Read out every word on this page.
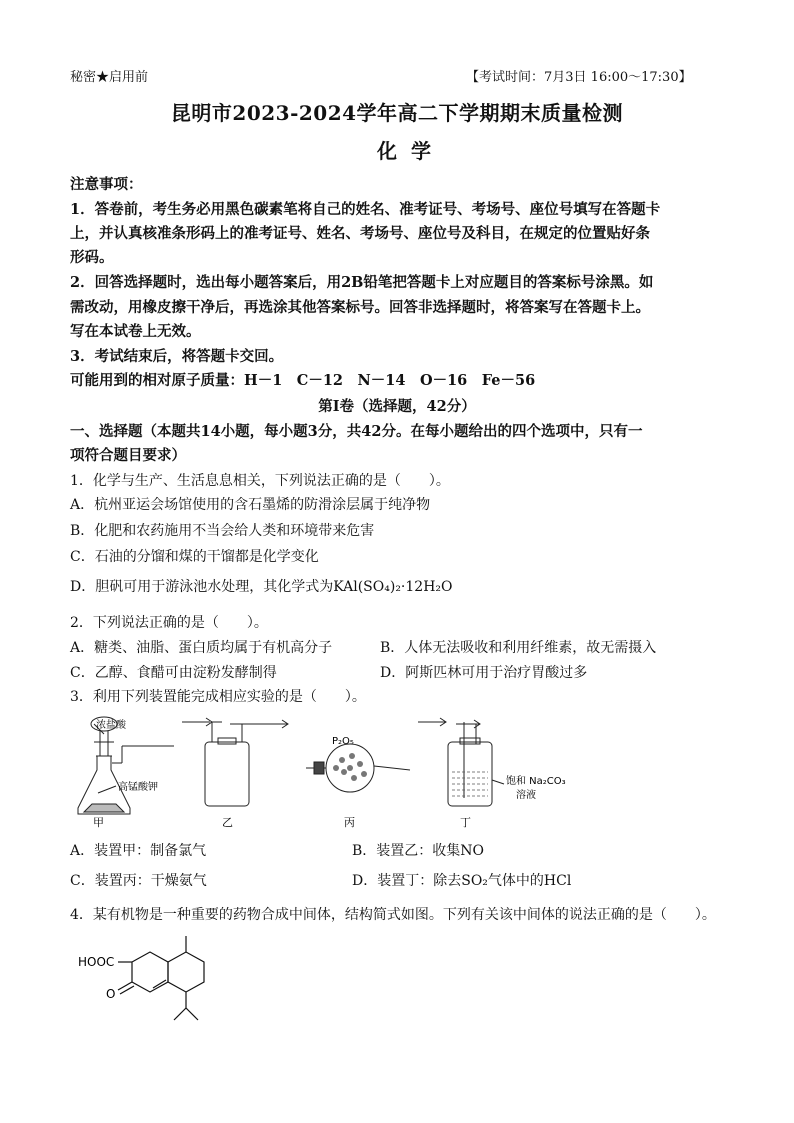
秘密★启用前	【考试时间：7月3日 16:00～17:30】
昆明市2023-2024学年高二下学期期末质量检测
化学
注意事项：
1．答卷前，考生务必用黑色碳素笔将自己的姓名、准考证号、考场号、座位号填写在答题卡
上，并认真核准条形码上的准考证号、姓名、考场号、座位号及科目，在规定的位置贴好条
形码。
2．回答选择题时，选出每小题答案后，用2B铅笔把答题卡上对应题目的答案标号涂黑。如
需改动，用橡皮擦干净后，再选涂其他答案标号。回答非选择题时，将答案写在答题卡上。
写在本试卷上无效。
3．考试结束后，将答题卡交回。
可能用到的相对原子质量：H－1　C－12　N－14　O－16　Fe－56
第Ⅰ卷（选择题，42分）
一、选择题（本题共14小题，每小题3分，共42分。在每小题给出的四个选项中，只有一
项符合题目要求）
1．化学与生产、生活息息相关，下列说法正确的是（　　）。
A．杭州亚运会场馆使用的含石墨烯的防滑涂层属于纯净物
B．化肥和农药施用不当会给人类和环境带来危害
C．石油的分馏和煤的干馏都是化学变化
D．胆矾可用于游泳池水处理，其化学式为KAl(SO₄)₂·12H₂O
2．下列说法正确的是（　　）。
A．糖类、油脂、蛋白质均属于有机高分子	B．人体无法吸收和利用纤维素，故无需摄入
C．乙醇、食醋可由淀粉发酵制得	D．阿斯匹林可用于治疗胃酸过多
3．利用下列装置能完成相应实验的是（　　）。
浓盐酸
高锰酸钾
甲	乙
P₂O₅
丙
饱和 Na₂CO₃
溶液
丁
A．装置甲：制备氯气	B．装置乙：收集NO
C．装置丙：干燥氨气	D．装置丁：除去SO₂气体中的HCl
4．某有机物是一种重要的药物合成中间体，结构简式如图。下列有关该中间体的说法正确的是（　　）。
HOOC
O
